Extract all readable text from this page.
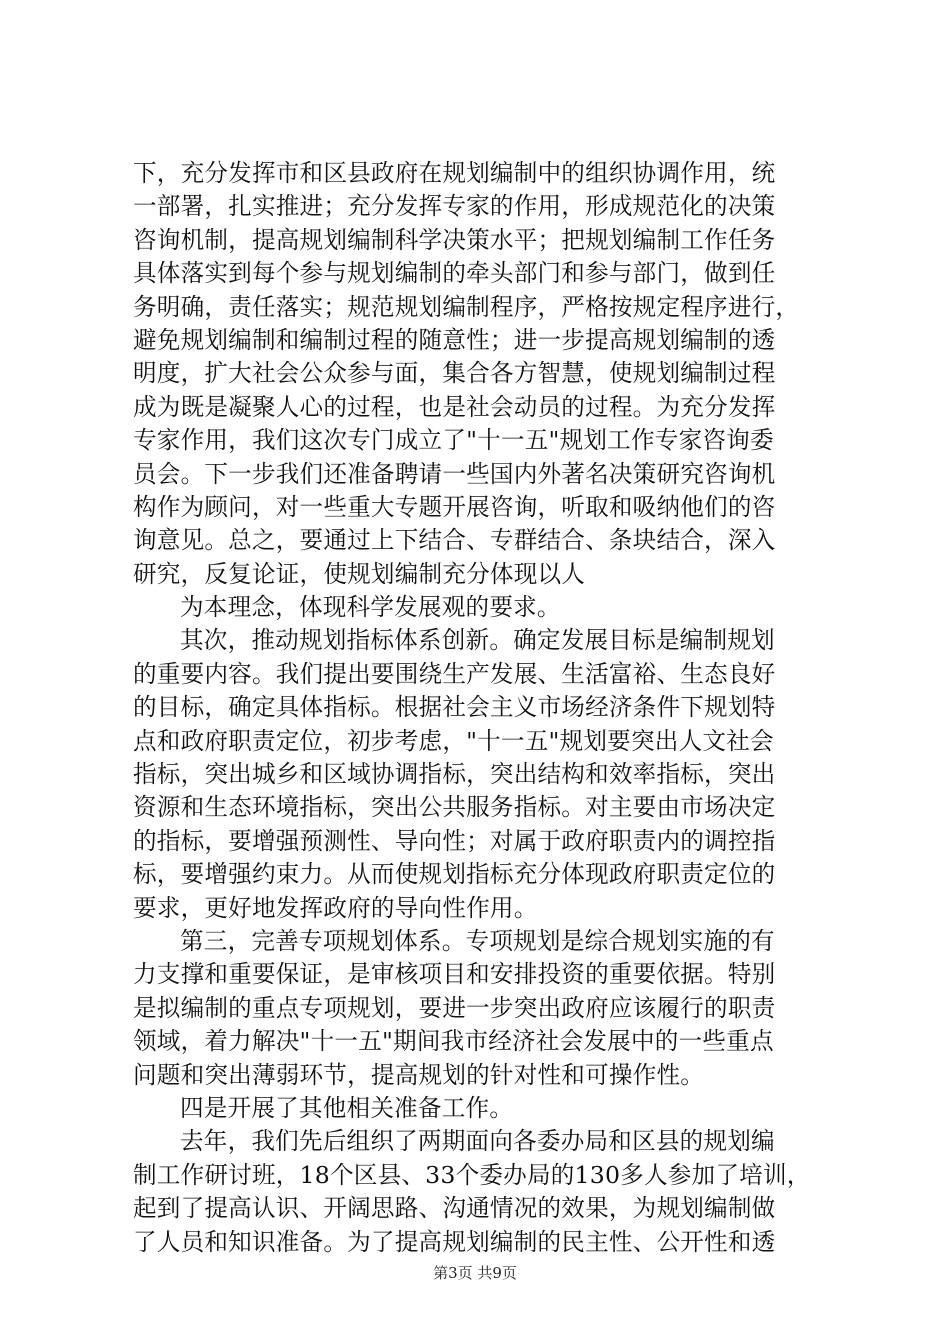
下，充分发挥市和区县政府在规划编制中的组织协调作用，统
一部署，扎实推进；充分发挥专家的作用，形成规范化的决策
咨询机制，提高规划编制科学决策水平；把规划编制工作任务
具体落实到每个参与规划编制的牵头部门和参与部门，做到任
务明确，责任落实；规范规划编制程序，严格按规定程序进行，
避免规划编制和编制过程的随意性；进一步提高规划编制的透
明度，扩大社会公众参与面，集合各方智慧，使规划编制过程
成为既是凝聚人心的过程，也是社会动员的过程。为充分发挥
专家作用，我们这次专门成立了"十一五"规划工作专家咨询委
员会。下一步我们还准备聘请一些国内外著名决策研究咨询机
构作为顾问，对一些重大专题开展咨询，听取和吸纳他们的咨
询意见。总之，要通过上下结合、专群结合、条块结合，深入
研究，反复论证，使规划编制充分体现以人
为本理念，体现科学发展观的要求。
其次，推动规划指标体系创新。确定发展目标是编制规划
的重要内容。我们提出要围绕生产发展、生活富裕、生态良好
的目标，确定具体指标。根据社会主义市场经济条件下规划特
点和政府职责定位，初步考虑，"十一五"规划要突出人文社会
指标，突出城乡和区域协调指标，突出结构和效率指标，突出
资源和生态环境指标，突出公共服务指标。对主要由市场决定
的指标，要增强预测性、导向性；对属于政府职责内的调控指
标，要增强约束力。从而使规划指标充分体现政府职责定位的
要求，更好地发挥政府的导向性作用。
第三，完善专项规划体系。专项规划是综合规划实施的有
力支撑和重要保证，是审核项目和安排投资的重要依据。特别
是拟编制的重点专项规划，要进一步突出政府应该履行的职责
领域，着力解决"十一五"期间我市经济社会发展中的一些重点
问题和突出薄弱环节，提高规划的针对性和可操作性。
四是开展了其他相关准备工作。
去年，我们先后组织了两期面向各委办局和区县的规划编
制工作研讨班，18个区县、33个委办局的130多人参加了培训，
起到了提高认识、开阔思路、沟通情况的效果，为规划编制做
了人员和知识准备。为了提高规划编制的民主性、公开性和透
第3页 共9页
